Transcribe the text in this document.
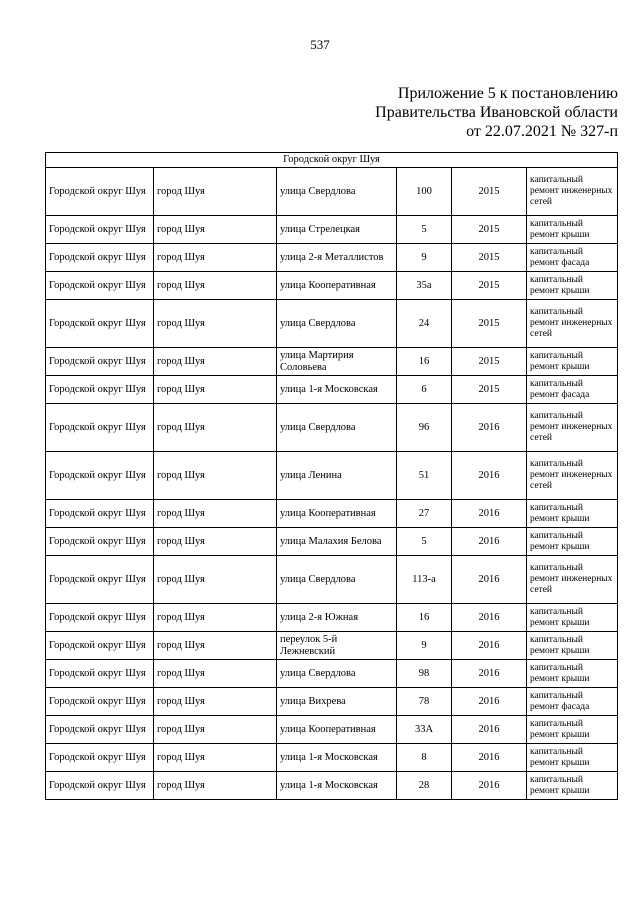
537
Приложение 5 к постановлению
Правительства Ивановской области
от 22.07.2021 № 327-п
Городской округ Шуя					
Городской округ Шуя	город Шуя	улица Свердлова	100	2015	капитальный ремонт инженерных сетей
Городской округ Шуя	город Шуя	улица Стрелецкая	5	2015	капитальный ремонт крыши
Городской округ Шуя	город Шуя	улица 2-я Металлистов	9	2015	капитальный ремонт фасада
Городской округ Шуя	город Шуя	улица Кооперативная	35а	2015	капитальный ремонт крыши
Городской округ Шуя	город Шуя	улица Свердлова	24	2015	капитальный ремонт инженерных сетей
Городской округ Шуя	город Шуя	улица Мартирия Соловьева	16	2015	капитальный ремонт крыши
Городской округ Шуя	город Шуя	улица 1-я Московская	6	2015	капитальный ремонт фасада
Городской округ Шуя	город Шуя	улица Свердлова	96	2016	капитальный ремонт инженерных сетей
Городской округ Шуя	город Шуя	улица Ленина	51	2016	капитальный ремонт инженерных сетей
Городской округ Шуя	город Шуя	улица Кооперативная	27	2016	капитальный ремонт крыши
Городской округ Шуя	город Шуя	улица Малахия Белова	5	2016	капитальный ремонт крыши
Городской округ Шуя	город Шуя	улица Свердлова	113-а	2016	капитальный ремонт инженерных сетей
Городской округ Шуя	город Шуя	улица 2-я Южная	16	2016	капитальный ремонт крыши
Городской округ Шуя	город Шуя	переулок 5-й Лежневский	9	2016	капитальный ремонт крыши
Городской округ Шуя	город Шуя	улица Свердлова	98	2016	капитальный ремонт крыши
Городской округ Шуя	город Шуя	улица Вихрева	78	2016	капитальный ремонт фасада
Городской округ Шуя	город Шуя	улица Кооперативная	33А	2016	капитальный ремонт крыши
Городской округ Шуя	город Шуя	улица 1-я Московская	8	2016	капитальный ремонт крыши
Городской округ Шуя	город Шуя	улица 1-я Московская	28	2016	капитальный ремонт крыши
